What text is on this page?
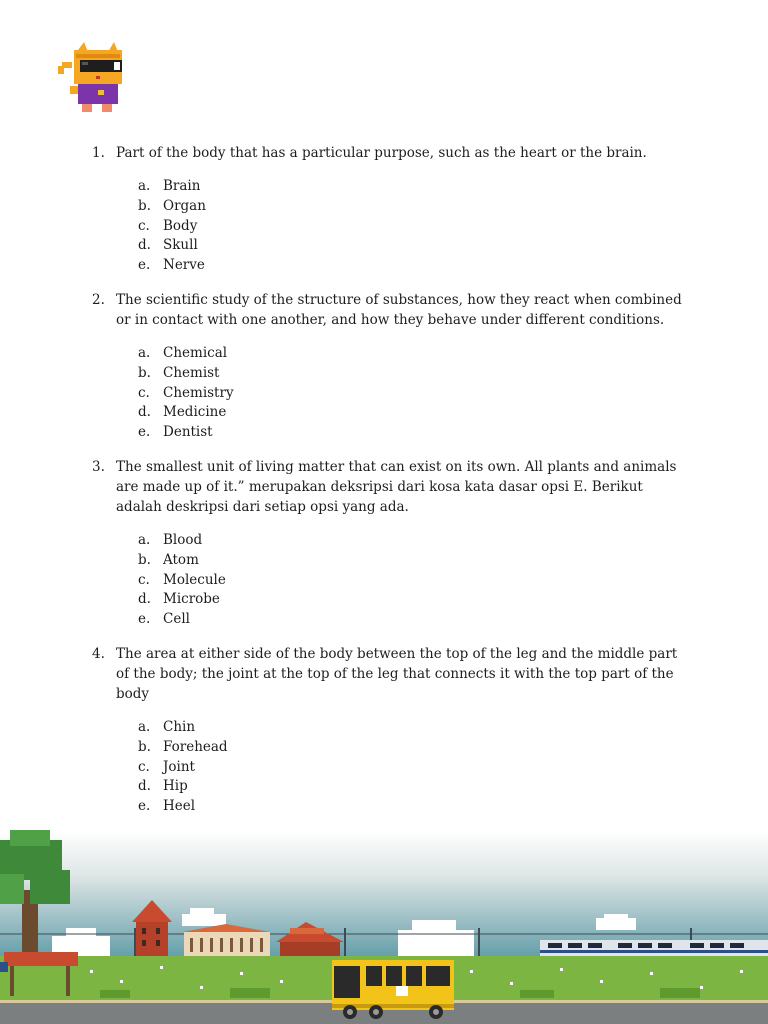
1. Part of the body that has a particular purpose, such as the heart or the brain.
a. Brain
b. Organ
c. Body
d. Skull
e. Nerve
2. The scientific study of the structure of substances, how they react when combined or in contact with one another, and how they behave under different conditions.
a. Chemical
b. Chemist
c. Chemistry
d. Medicine
e. Dentist
3. The smallest unit of living matter that can exist on its own. All plants and animals are made up of it.” merupakan deksripsi dari kosa kata dasar opsi E. Berikut adalah deskripsi dari setiap opsi yang ada.
a. Blood
b. Atom
c. Molecule
d. Microbe
e. Cell
4. The area at either side of the body between the top of the leg and the middle part of the body; the joint at the top of the leg that connects it with the top part of the body
a. Chin
b. Forehead
c. Joint
d. Hip
e. Heel
